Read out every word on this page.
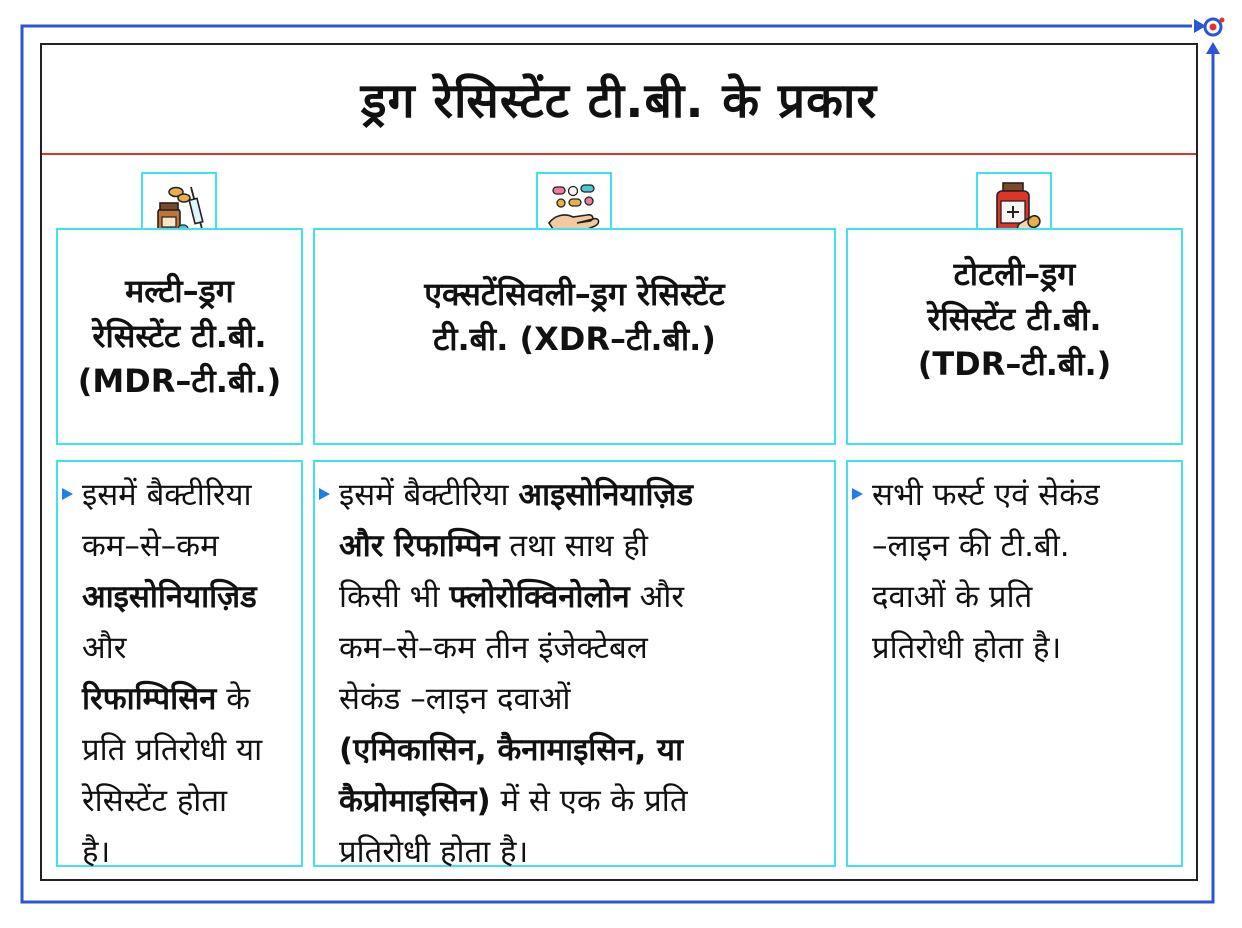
ड्रग रेसिस्टेंट टी.बी. के प्रकार
मल्टी–ड्रग
रेसिस्टेंट टी.बी.
(MDR–टी.बी.)
एक्सटेंसिवली–ड्रग रेसिस्टेंट
टी.बी. (XDR–टी.बी.)
टोटली–ड्रग
रेसिस्टेंट टी.बी.
(TDR–टी.बी.)
इसमें बैक्टीरिया
कम–से–कम
आइसोनियाज़िड
और
रिफाम्पिसिन के
प्रति प्रतिरोधी या
रेसिस्टेंट होता
है।
इसमें बैक्टीरिया आइसोनियाज़िड
और रिफाम्पिन तथा साथ ही
किसी भी फ्लोरोक्विनोलोन और
कम–से–कम तीन इंजेक्टेबल
सेकंड –लाइन दवाओं
(एमिकासिन, कैनामाइसिन, या
कैप्रोमाइसिन) में से एक के प्रति
प्रतिरोधी होता है।
सभी फर्स्ट एवं सेकंड
–लाइन की टी.बी.
दवाओं के प्रति
प्रतिरोधी होता है।
